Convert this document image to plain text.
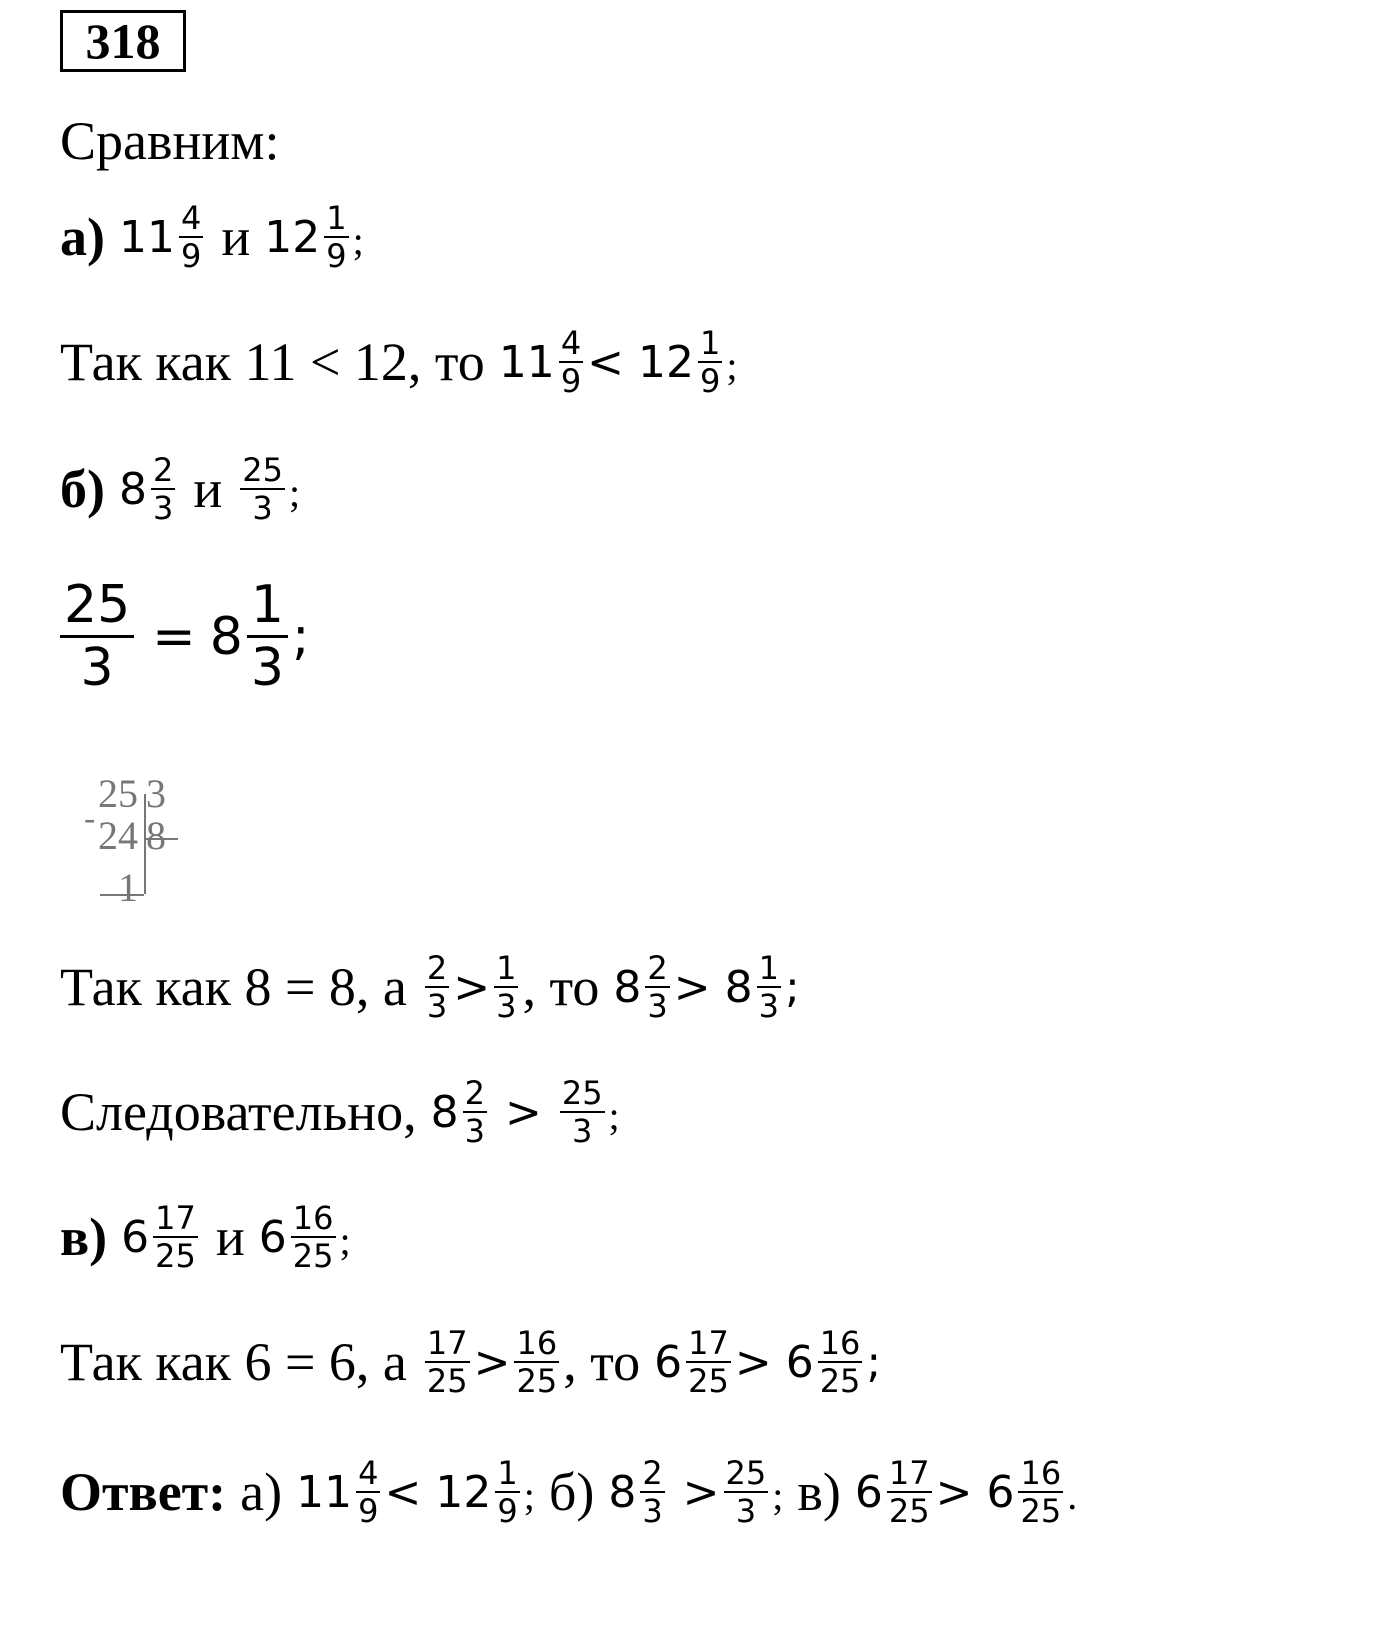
318
Сравним:
а) 11 4
9 и 12 1
9 ;
Так как 11 < 12, то 11 4
9 < 12 1
9 ;
б) 8 2
3 и 25
3 ;
25
3
= 8
1
3
;
-
25 3
24 8
1
Так как 8 = 8, а 2
3 > 1
3 , то 8 2
3 > 8 1
3 ;
Следовательно, 8 2
3 > 25
3 ;
в) 6 17
25 и 6 16
25 ;
Так как 6 = 6, а 17
25 > 16
25 , то 6 17
25 > 6 16
25 ;
Ответ: а) 11 4
9 < 12 1
9 ; б) 8 2
3 > 25
3 ; в) 6 17
25 > 6 16
25 .
